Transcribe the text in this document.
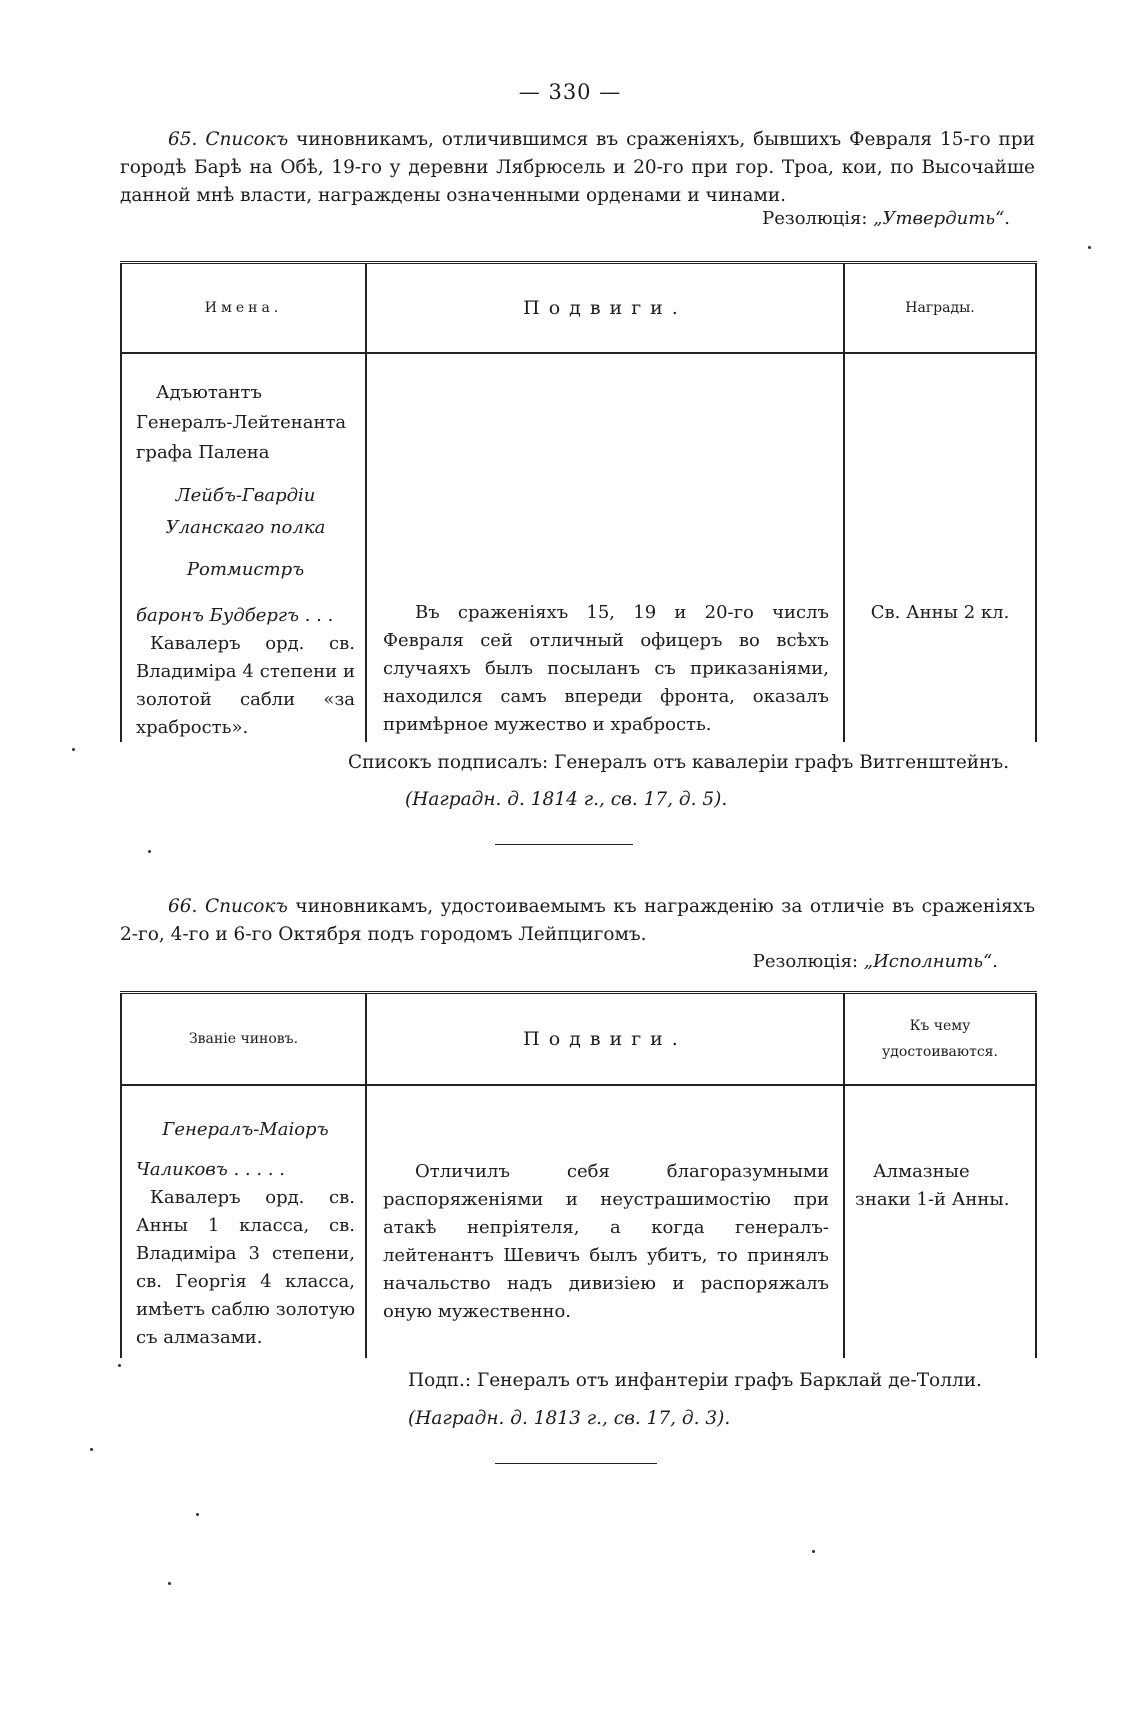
— 330 —

65. Списокъ чиновникамъ, отличившимся въ сраженіяхъ, бывшихъ Февраля 15-го при городѣ Барѣ на Обѣ, 19-го у деревни Лябрюсель и 20-го при гор. Троа, кои, по Высочайше данной мнѣ власти, награждены означенными орденами и чинами.

Резолюція: „Утвердить“.
Имена.	Подвиги.	Награды.

Адъютантъ Генералъ-Лейтенанта графа Палена
Лейбъ-Гвардіи Уланскаго полка
Ротмистръ
баронъ Будбергъ . . .
Кавалеръ орд. св. Владиміра 4 степени и золотой сабли «за храбрость».	Въ сраженіяхъ 15, 19 и 20-го числъ Февраля сей отличный офицеръ во всѣхъ случаяхъ былъ посыланъ съ приказаніями, находился самъ впереди фронта, оказалъ примѣрное мужество и храбрость.	Св. Анны 2 кл.
Списокъ подписалъ: Генералъ отъ кавалеріи графъ Витгенштейнъ.
(Наградн. д. 1814 г., св. 17, д. 5).

66. Списокъ чиновникамъ, удостоиваемымъ къ награжденію за отличіе въ сраженіяхъ 2-го, 4-го и 6-го Октября подъ городомъ Лейпцигомъ.

Резолюція: „Исполнить“.
Званіе чиновъ.	Подвиги.	Къ чему удостоиваются.

Генералъ-Маіоръ
Чаликовъ . . . . .
Кавалеръ орд. св. Анны 1 класса, св. Владиміра 3 степени, св. Георгія 4 класса, имѣетъ саблю золотую съ алмазами.	Отличилъ себя благоразумными распоряженіями и неустрашимостію при атакѣ непріятеля, а когда генералъ-лейтенантъ Шевичъ былъ убитъ, то принялъ начальство надъ дивизіею и распоряжалъ оную мужественно.	Алмазные знаки 1-й Анны.
Подп.: Генералъ отъ инфантеріи графъ Барклай де-Толли.
(Наградн. д. 1813 г., св. 17, д. 3).
